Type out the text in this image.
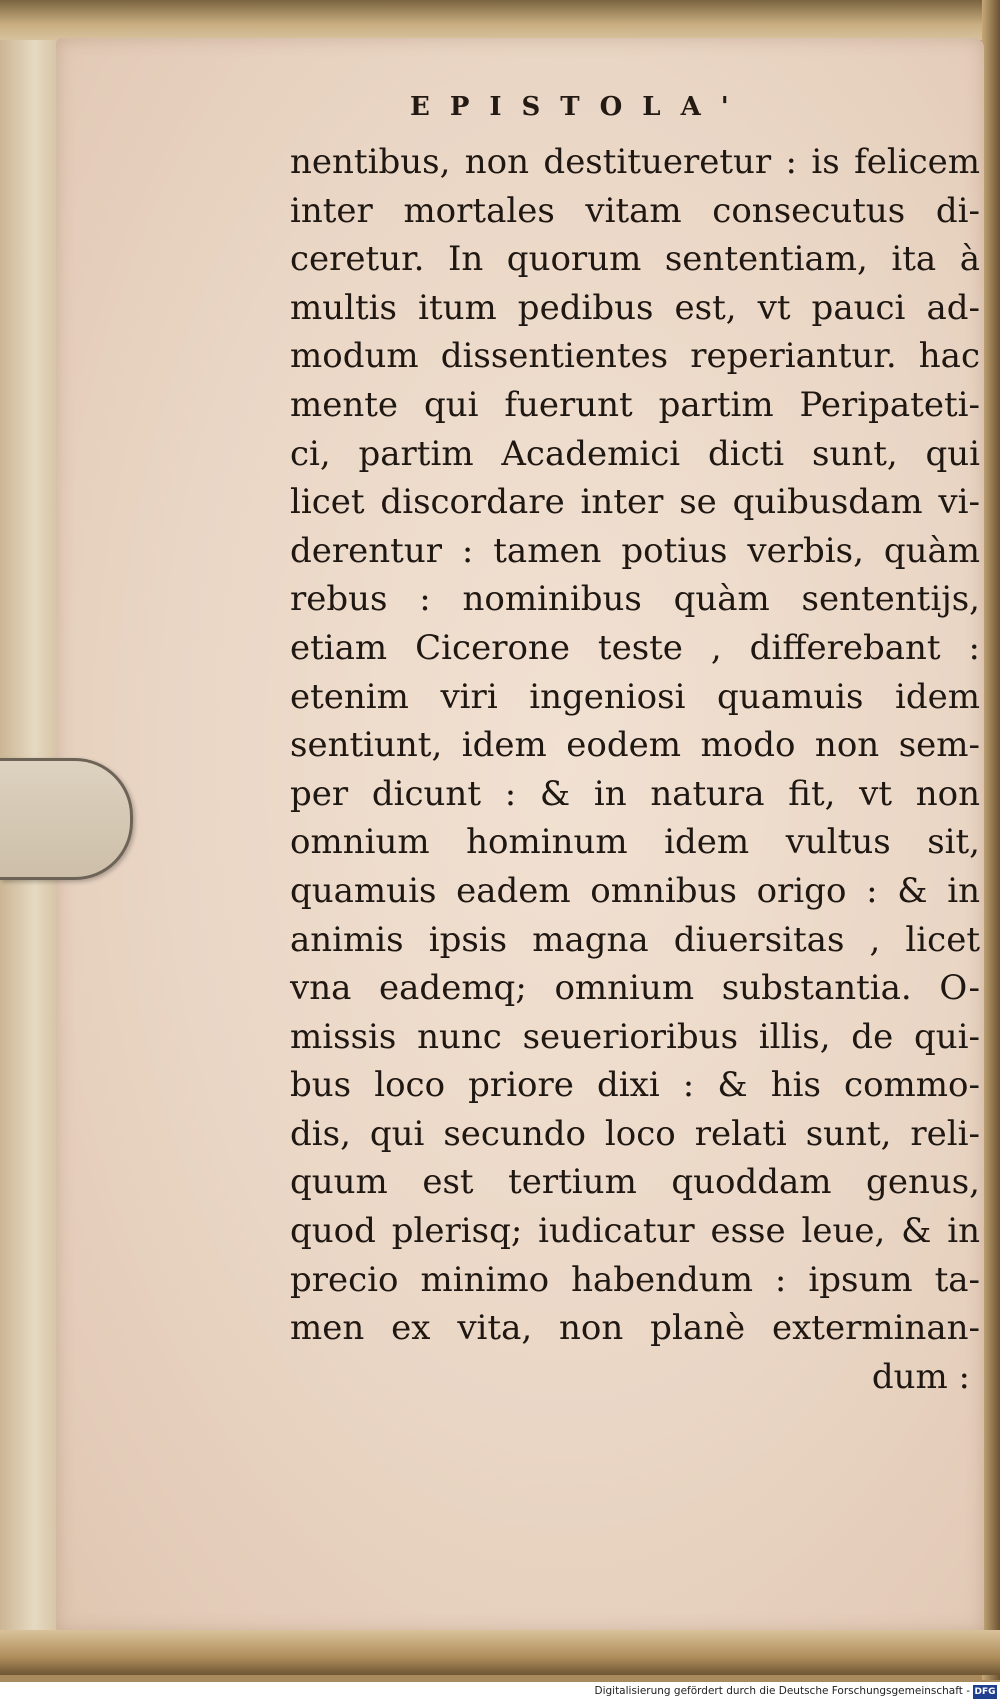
EPISTOLA'
nentibus, non destitueretur : is felicem
inter mortales vitam consecutus di-
ceretur. In quorum sententiam, ita à
multis itum pedibus est, vt pauci ad-
modum dissentientes reperiantur. hac
mente qui fuerunt partim Peripateti-
ci, partim Academici dicti sunt, qui
licet discordare inter se quibusdam vi-
derentur : tamen potius verbis, quàm
rebus : nominibus quàm sententijs,
etiam Cicerone teste , differebant :
etenim viri ingeniosi quamuis idem
sentiunt, idem eodem modo non sem-
per dicunt : & in natura fit, vt non
omnium hominum idem vultus sit,
quamuis eadem omnibus origo : & in
animis ipsis magna diuersitas , licet
vna eademq; omnium substantia. O-
missis nunc seuerioribus illis, de qui-
bus loco priore dixi : & his commo-
dis, qui secundo loco relati sunt, reli-
quum est tertium quoddam genus,
quod plerisq; iudicatur esse leue, & in
precio minimo habendum : ipsum ta-
men ex vita, non planè exterminan-
dum :
Digitalisierung gefördert durch die Deutsche Forschungsgemeinschaft - DFG
